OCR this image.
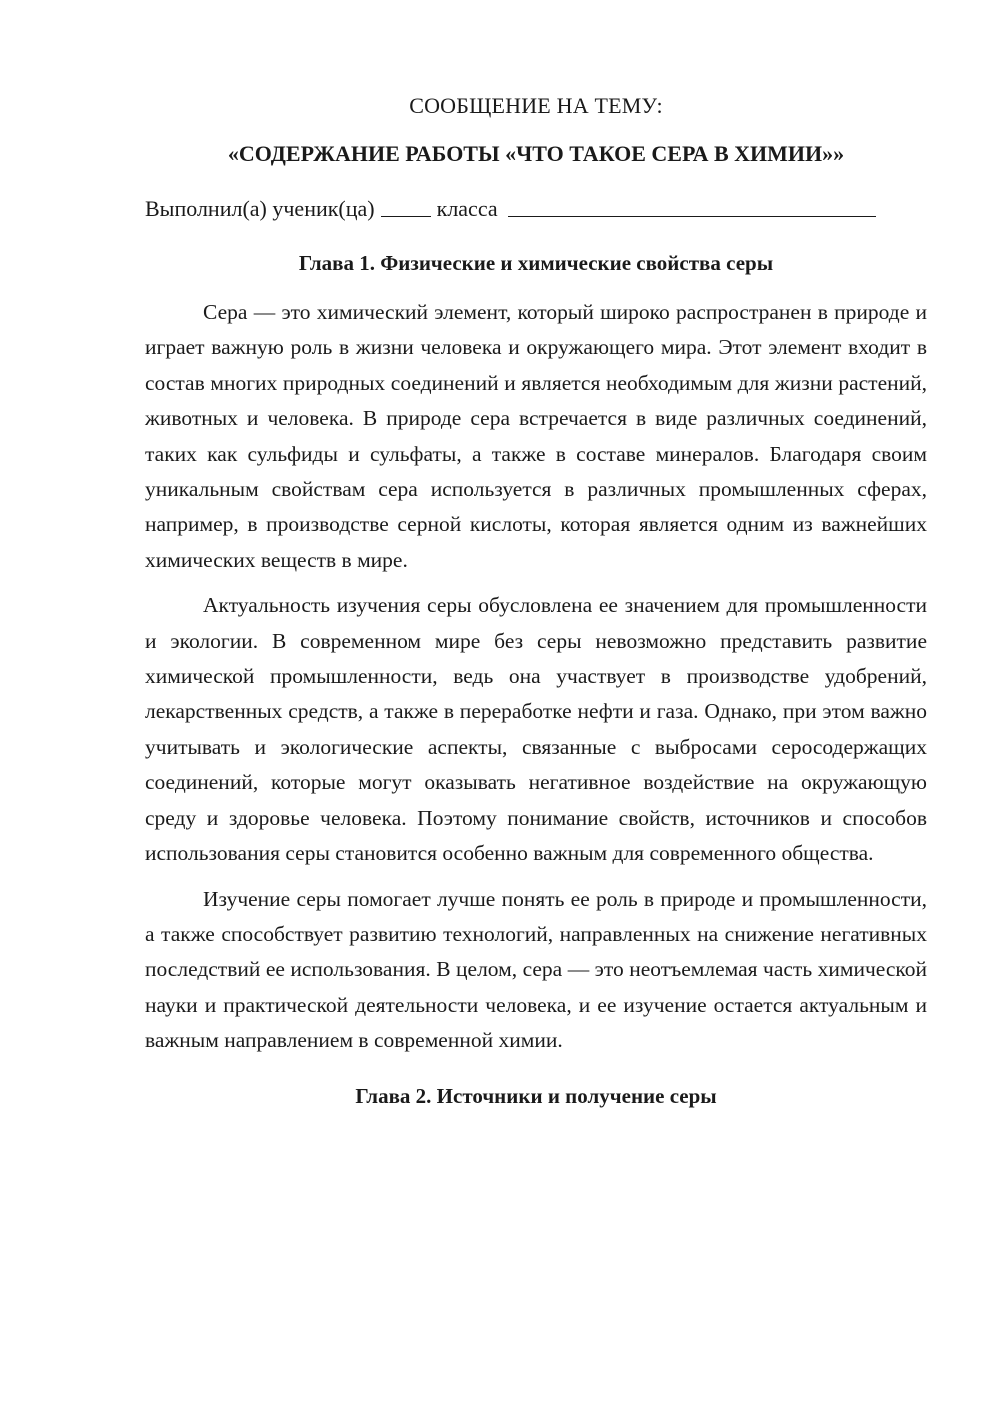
СООБЩЕНИЕ НА ТЕМУ:

«СОДЕРЖАНИЕ РАБОТЫ «ЧТО ТАКОЕ СЕРА В ХИМИИ»»

Выполнил(а) ученик(ца)	класса

Глава 1. Физические и химические свойства серы

Сера — это химический элемент, который широко распространен в природе и играет важную роль в жизни человека и окружающего мира. Этот элемент входит в состав многих природных соединений и является необходимым для жизни растений, животных и человека. В природе сера встречается в виде различных соединений, таких как сульфиды и сульфаты, а также в составе минералов. Благодаря своим уникальным свойствам сера используется в различных промышленных сферах, например, в производстве серной кислоты, которая является одним из важнейших химических веществ в мире.

Актуальность изучения серы обусловлена ее значением для промышленности и экологии. В современном мире без серы невозможно представить развитие химической промышленности, ведь она участвует в производстве удобрений, лекарственных средств, а также в переработке нефти и газа. Однако, при этом важно учитывать и экологические аспекты, связанные с выбросами серосодержащих соединений, которые могут оказывать негативное воздействие на окружающую среду и здоровье человека. Поэтому понимание свойств, источников и способов использования серы становится особенно важным для современного общества.

Изучение серы помогает лучше понять ее роль в природе и промышленности, а также способствует развитию технологий, направленных на снижение негативных последствий ее использования. В целом, сера — это неотъемлемая часть химической науки и практической деятельности человека, и ее изучение остается актуальным и важным направлением в современной химии.

Глава 2. Источники и получение серы
